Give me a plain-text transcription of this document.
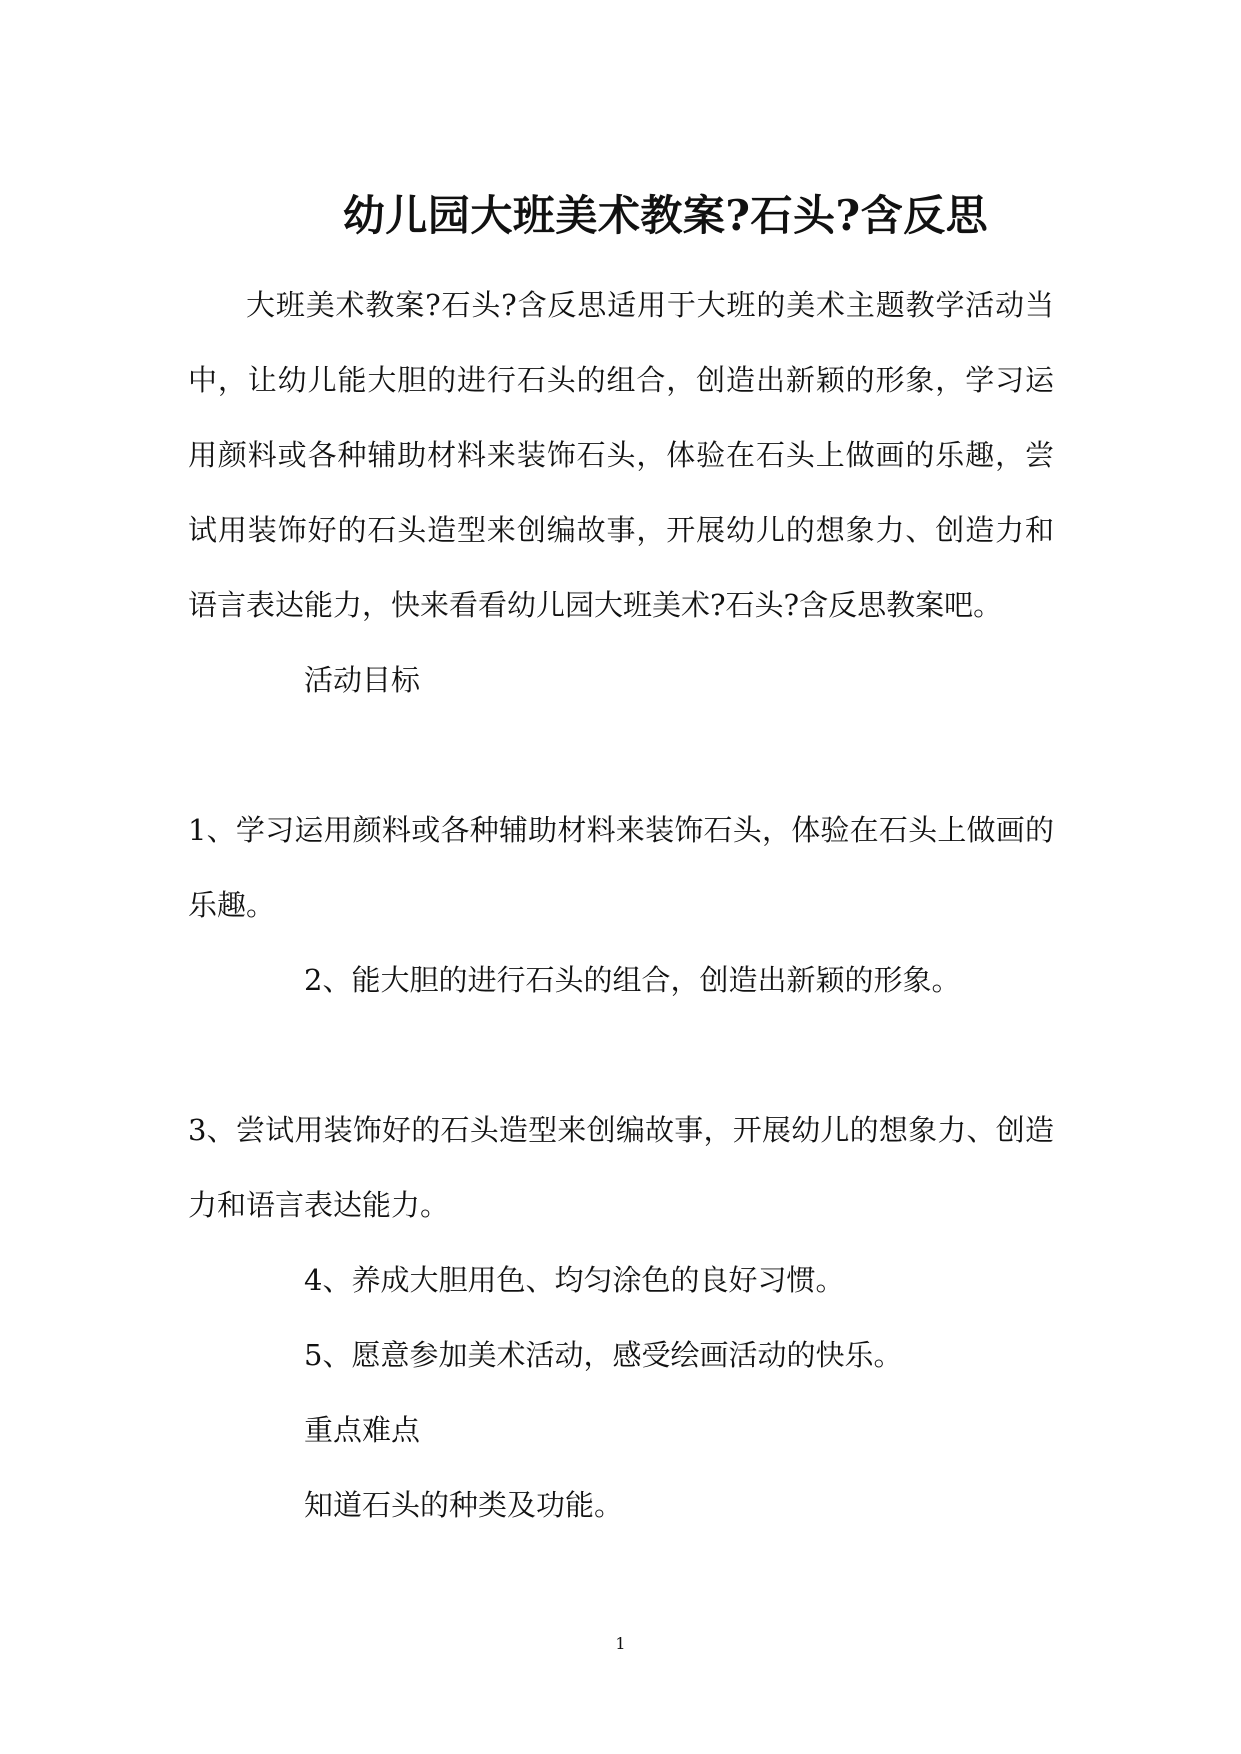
幼儿园大班美术教案?石头?含反思

大班美术教案?石头?含反思适用于大班的美术主题教学活动当中，让幼儿能大胆的进行石头的组合，创造出新颖的形象，学习运用颜料或各种辅助材料来装饰石头，体验在石头上做画的乐趣，尝试用装饰好的石头造型来创编故事，开展幼儿的想象力、创造力和语言表达能力，快来看看幼儿园大班美术?石头?含反思教案吧。

活动目标

1、学习运用颜料或各种辅助材料来装饰石头，体验在石头上做画的乐趣。

2、能大胆的进行石头的组合，创造出新颖的形象。

3、尝试用装饰好的石头造型来创编故事，开展幼儿的想象力、创造力和语言表达能力。

4、养成大胆用色、均匀涂色的良好习惯。

5、愿意参加美术活动，感受绘画活动的快乐。

重点难点

知道石头的种类及功能。

1
